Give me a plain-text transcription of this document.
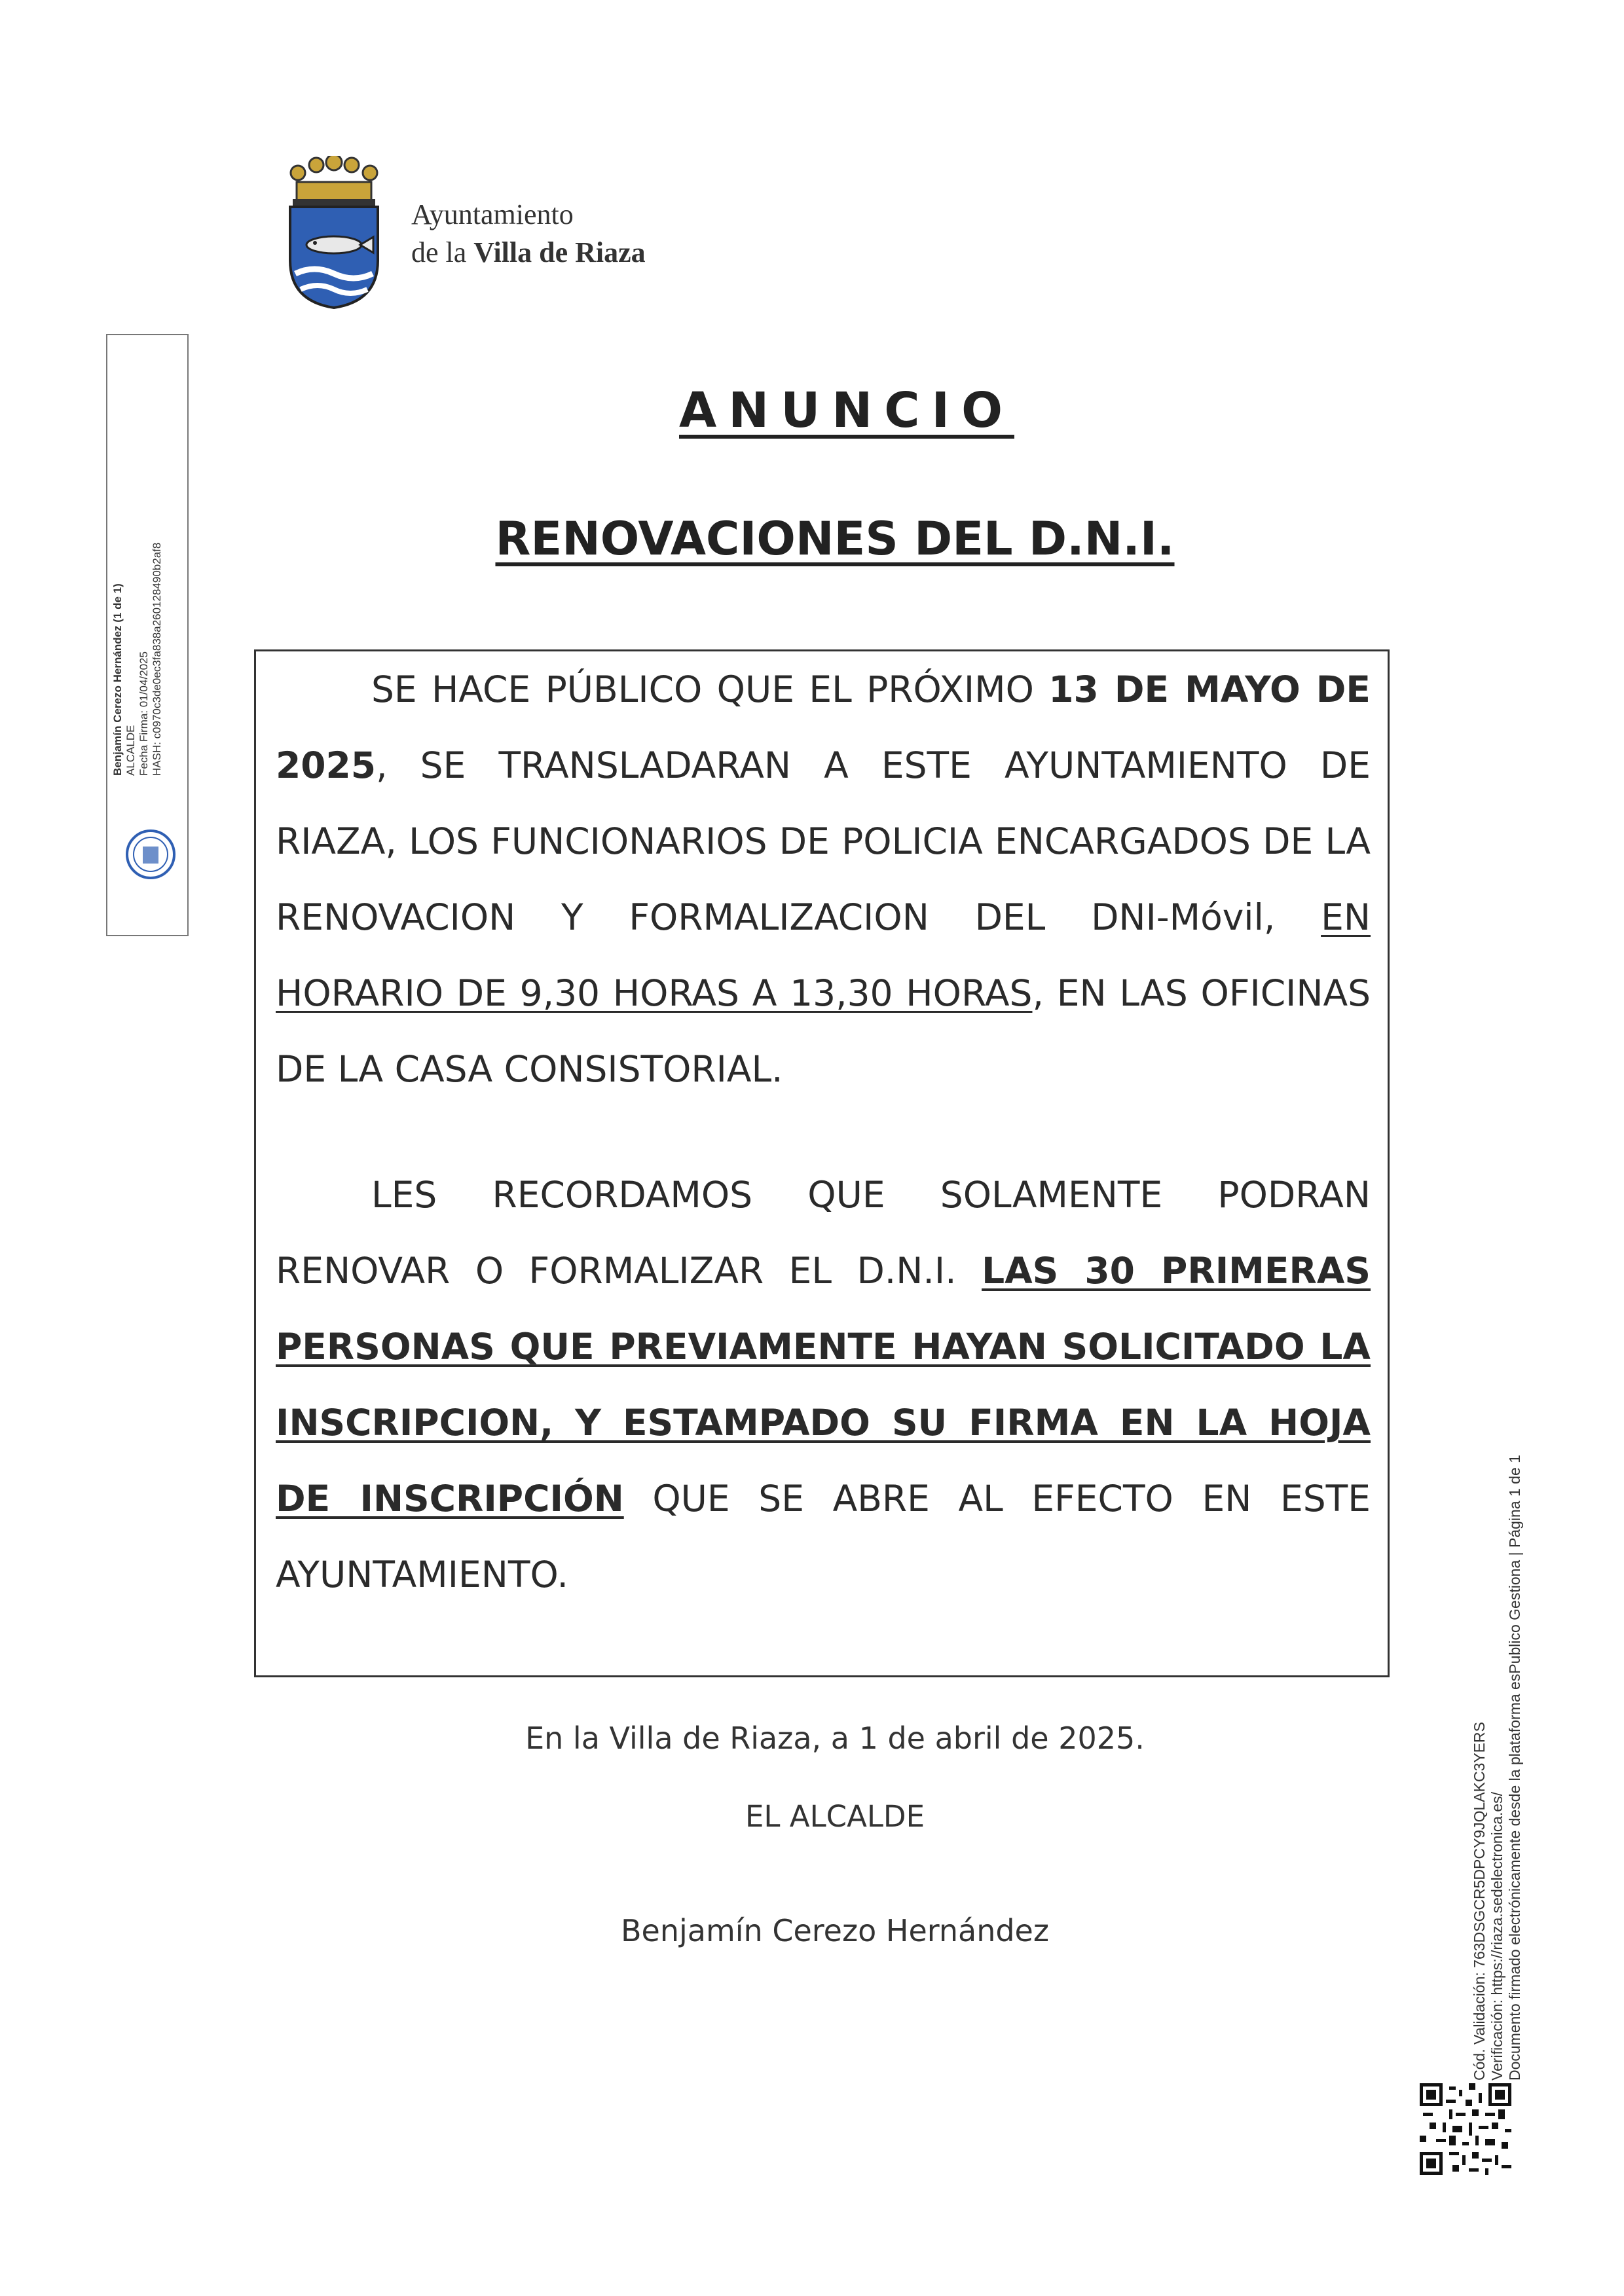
Ayuntamiento
de la Villa de Riaza
ANUNCIO
RENOVACIONES DEL D.N.I.
SE HACE PÚBLICO QUE EL PRÓXIMO 13 DE MAYO DE 2025, SE TRANSLADARAN A ESTE AYUNTAMIENTO DE RIAZA, LOS FUNCIONARIOS DE POLICIA ENCARGADOS DE LA RENOVACION Y FORMALIZACION DEL DNI-Móvil, EN HORARIO DE 9,30 HORAS A 13,30 HORAS, EN LAS OFICINAS DE LA CASA CONSISTORIAL.
LES RECORDAMOS QUE SOLAMENTE PODRAN RENOVAR O FORMALIZAR EL D.N.I. LAS 30 PRIMERAS PERSONAS QUE PREVIAMENTE HAYAN SOLICITADO LA INSCRIPCION, Y ESTAMPADO SU FIRMA EN LA HOJA DE INSCRIPCIÓN QUE SE ABRE AL EFECTO EN ESTE AYUNTAMIENTO.
En la Villa de Riaza, a 1 de abril de 2025.
EL ALCALDE
Benjamín Cerezo Hernández
Benjamín Cerezo Hernández (1 de 1) ALCALDE Fecha Firma: 01/04/2025 HASH: c0970c3de0ec3fa838a260128490b2af8
Cód. Validación: 763DSGCR5DPCY9JQLAKC3YERS Verificación: https://riaza.sedelectronica.es/ Documento firmado electrónicamente desde la plataforma esPublico Gestiona | Página 1 de 1
